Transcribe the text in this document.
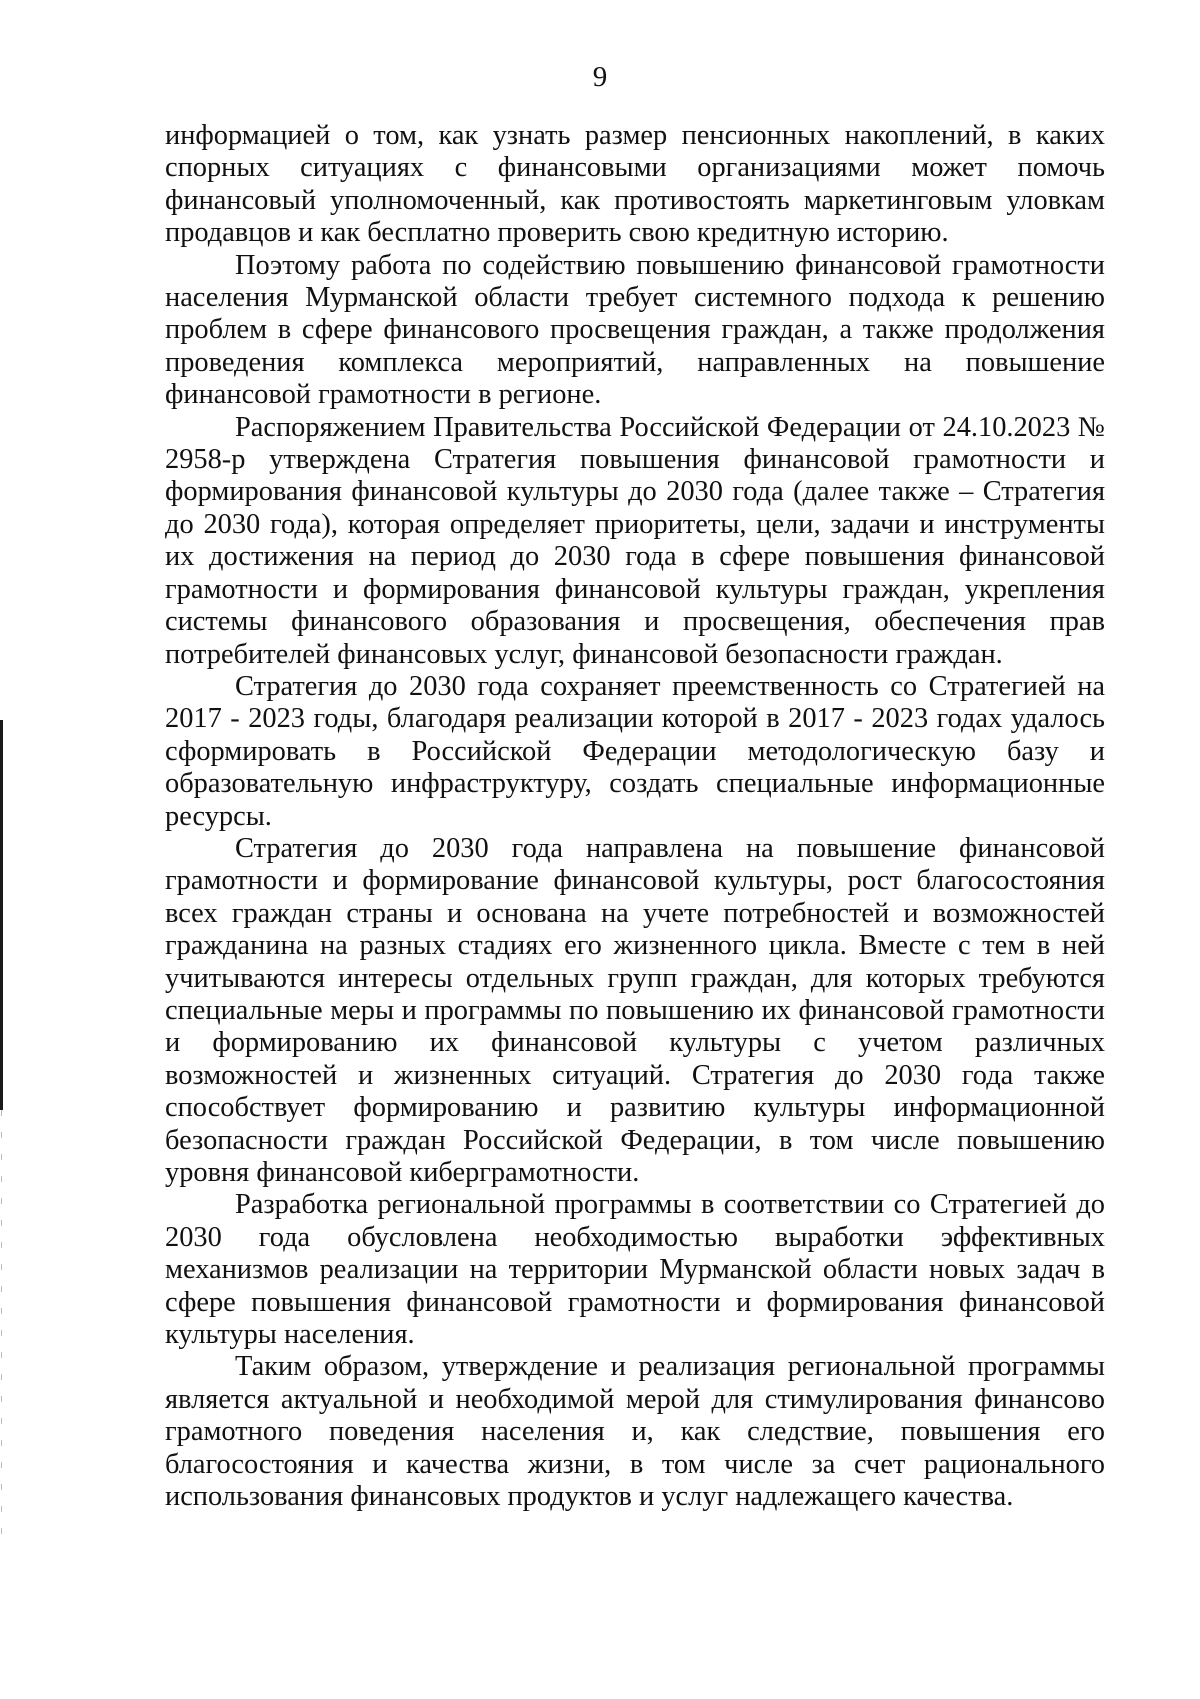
9

информацией о том, как узнать размер пенсионных накоплений, в каких спорных ситуациях с финансовыми организациями может помочь финансовый уполномоченный, как противостоять маркетинговым уловкам продавцов и как бесплатно проверить свою кредитную историю.

Поэтому работа по содействию повышению финансовой грамотности населения Мурманской области требует системного подхода к решению проблем в сфере финансового просвещения граждан, а также продолжения проведения комплекса мероприятий, направленных на повышение финансовой грамотности в регионе.

Распоряжением Правительства Российской Федерации от 24.10.2023 № 2958-р утверждена Стратегия повышения финансовой грамотности и формирования финансовой культуры до 2030 года (далее также – Стратегия до 2030 года), которая определяет приоритеты, цели, задачи и инструменты их достижения на период до 2030 года в сфере повышения финансовой грамотности и формирования финансовой культуры граждан, укрепления системы финансового образования и просвещения, обеспечения прав потребителей финансовых услуг, финансовой безопасности граждан.

Стратегия до 2030 года сохраняет преемственность со Стратегией на 2017 - 2023 годы, благодаря реализации которой в 2017 - 2023 годах удалось сформировать в Российской Федерации методологическую базу и образовательную инфраструктуру, создать специальные информационные ресурсы.

Стратегия до 2030 года направлена на повышение финансовой грамотности и формирование финансовой культуры, рост благосостояния всех граждан страны и основана на учете потребностей и возможностей гражданина на разных стадиях его жизненного цикла. Вместе с тем в ней учитываются интересы отдельных групп граждан, для которых требуются специальные меры и программы по повышению их финансовой грамотности и формированию их финансовой культуры с учетом различных возможностей и жизненных ситуаций. Стратегия до 2030 года также способствует формированию и развитию культуры информационной безопасности граждан Российской Федерации, в том числе повышению уровня финансовой киберграмотности.

Разработка региональной программы в соответствии со Стратегией до 2030 года обусловлена необходимостью выработки эффективных механизмов реализации на территории Мурманской области новых задач в сфере повышения финансовой грамотности и формирования финансовой культуры населения.

Таким образом, утверждение и реализация региональной программы является актуальной и необходимой мерой для стимулирования финансово грамотного поведения населения и, как следствие, повышения его благосостояния и качества жизни, в том числе за счет рационального использования финансовых продуктов и услуг надлежащего качества.
